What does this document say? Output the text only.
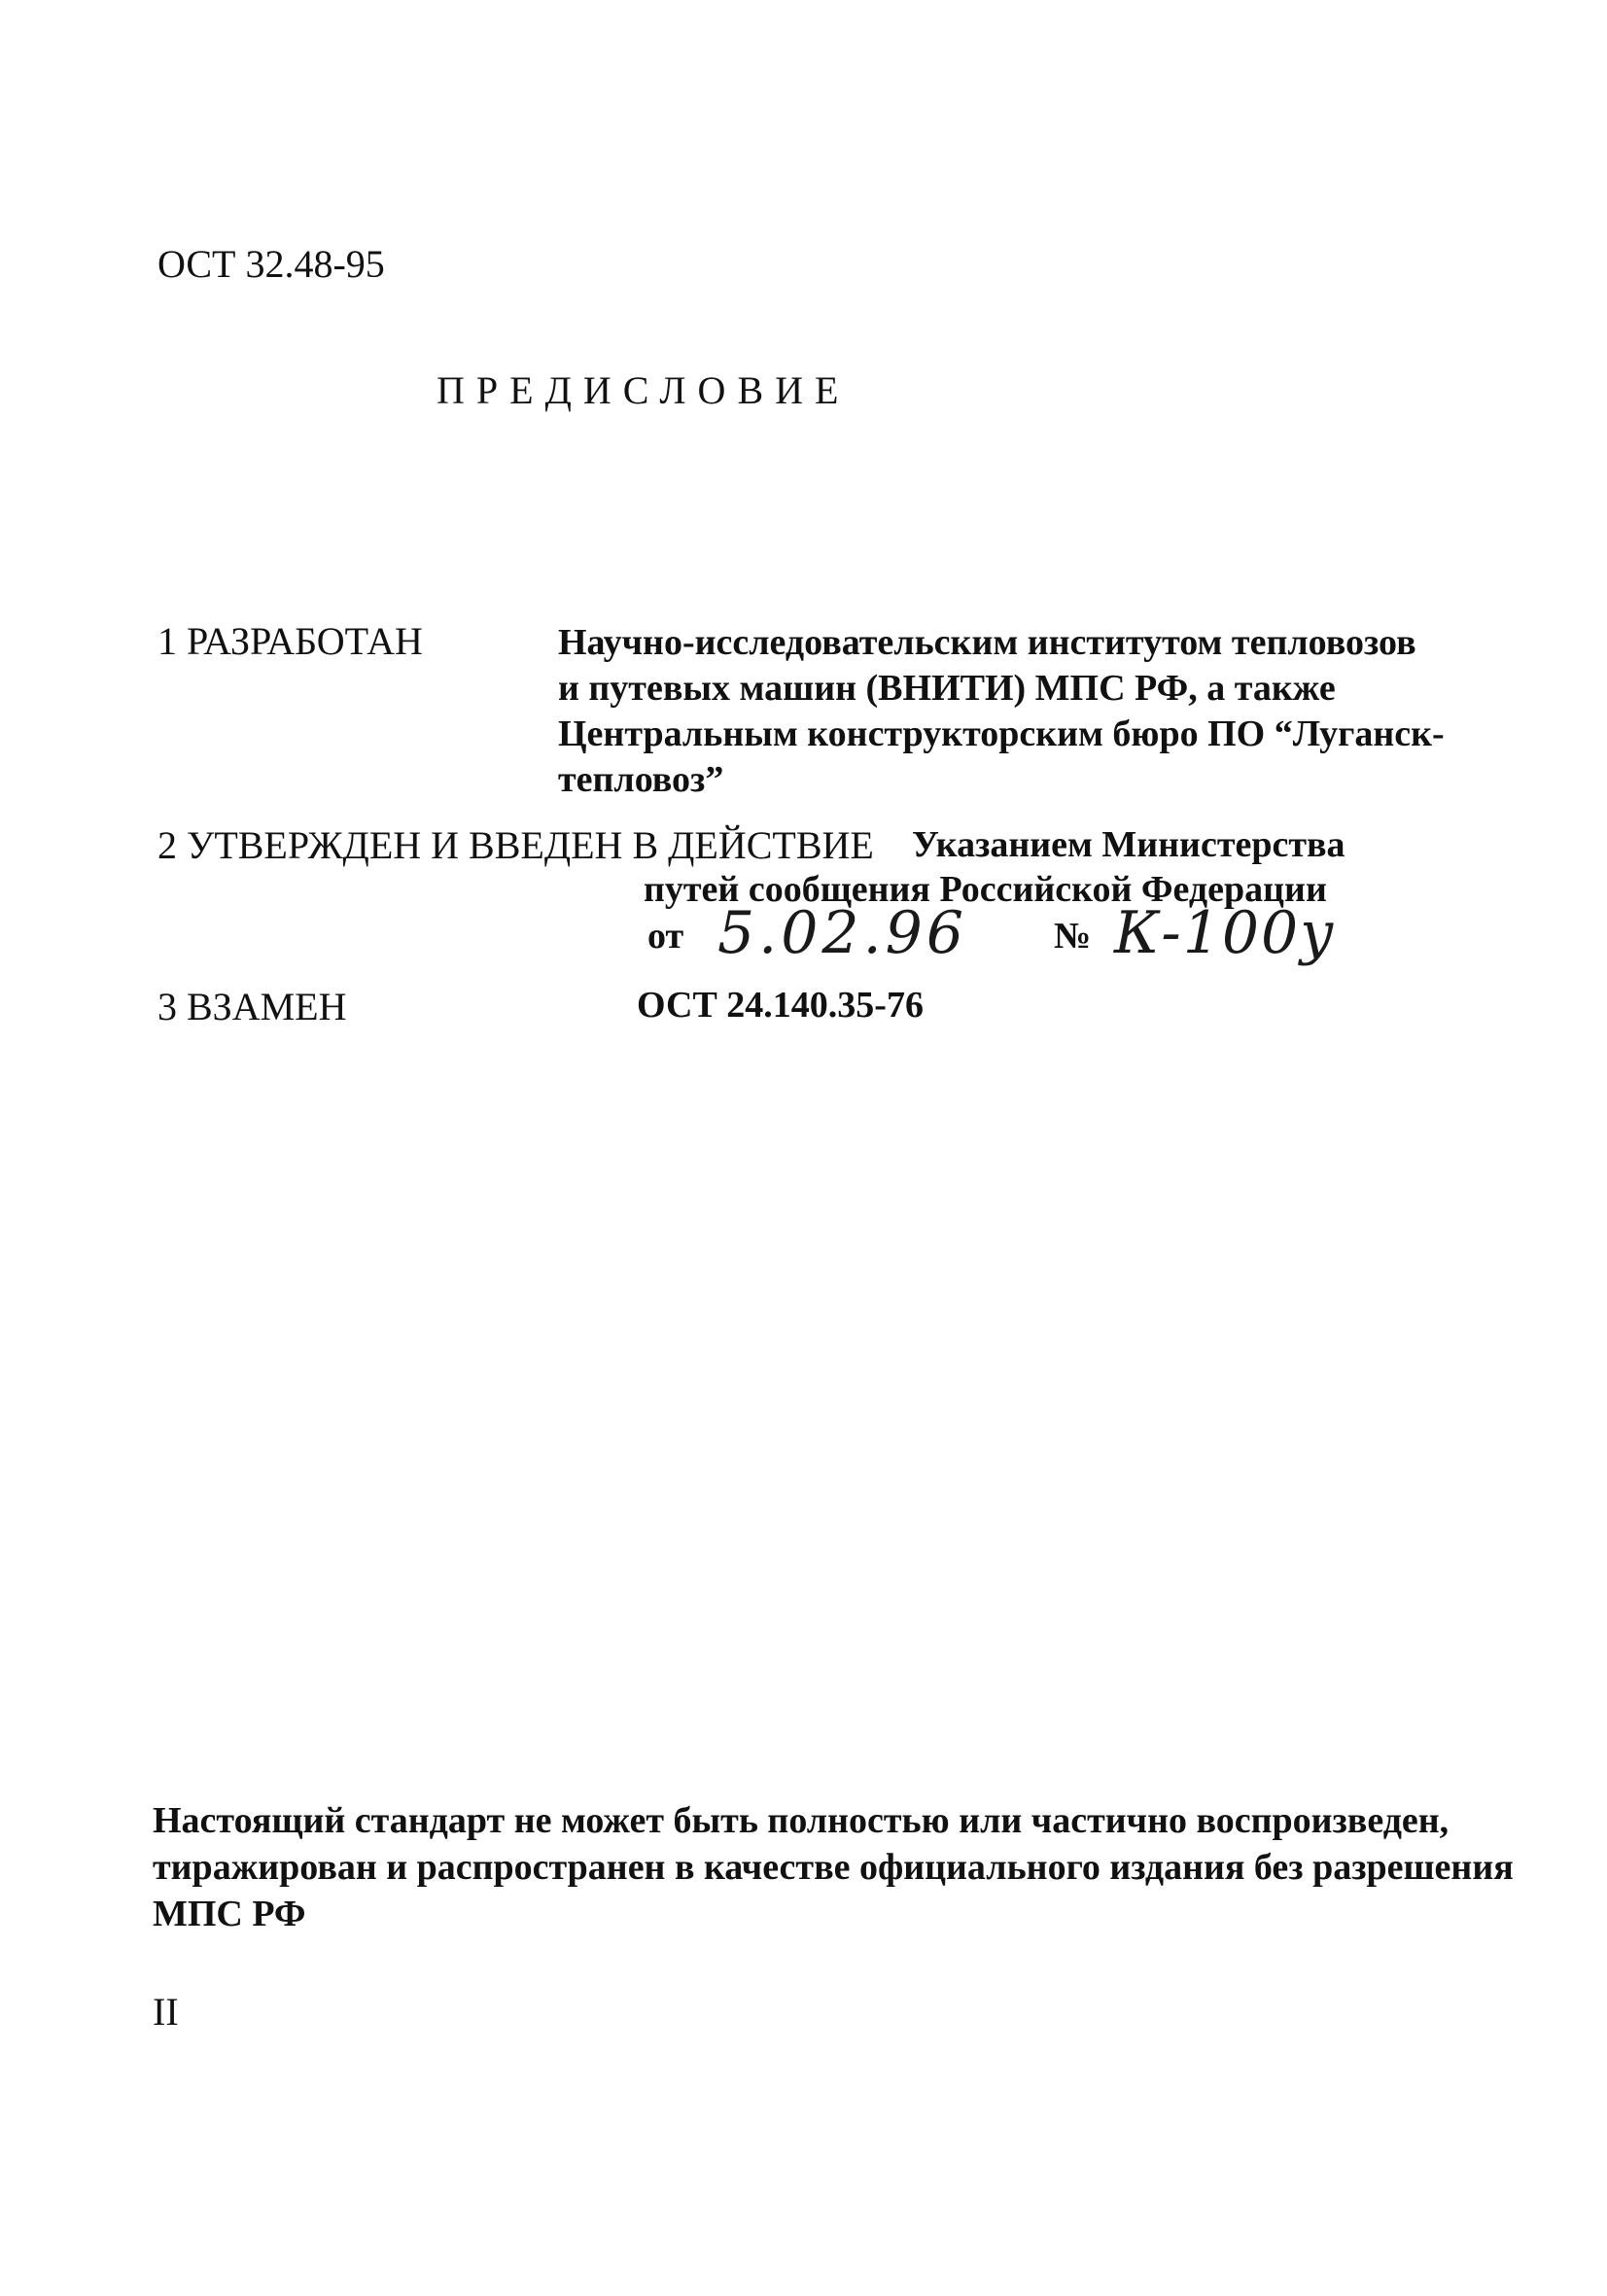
ОСТ 32.48-95
ПРЕДИСЛОВИЕ
1 РАЗРАБОТАН	Научно-исследовательским институтом тепловозов
и путевых машин (ВНИТИ) МПС РФ, а также
Центральным конструкторским бюро ПО “Луганск-
тепловоз”
2 УТВЕРЖДЕН И ВВЕДЕН В ДЕЙСТВИЕ Указанием Министерства
путей сообщения Российской Федерации
от 5.02.96 № К-100у
3 ВЗАМЕН	ОСТ 24.140.35-76
Настоящий стандарт не может быть полностью или частично воспроизведен,
тиражирован и распространен в качестве официального издания без разрешения
МПС РФ
II
